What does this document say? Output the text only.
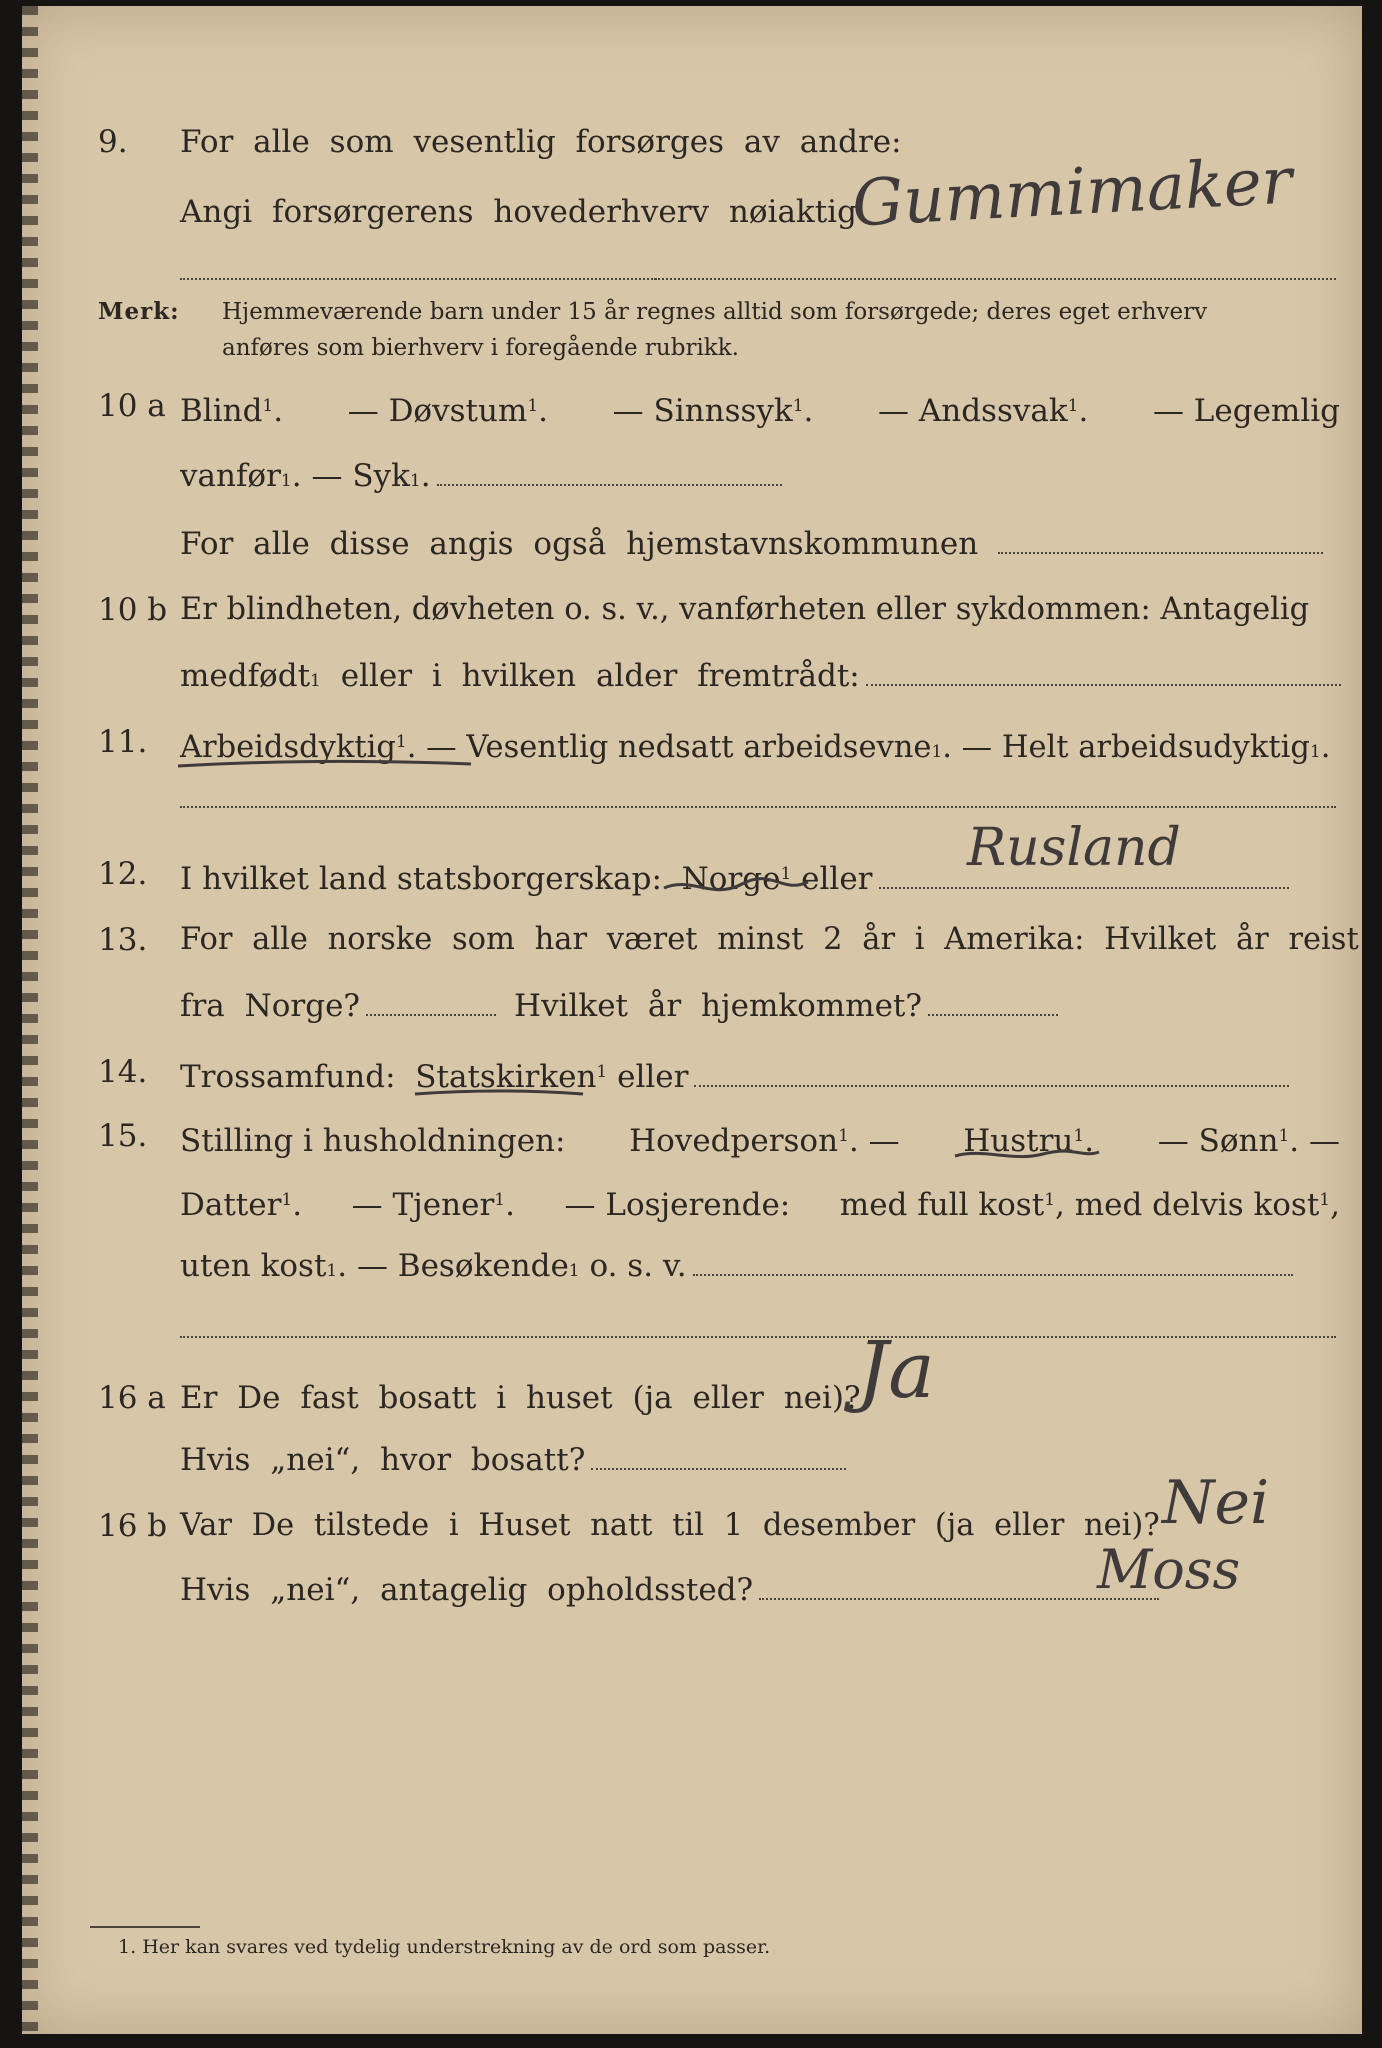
9. For alle som vesentlig forsørges av andre:
Angi forsørgerens hovederhverv nøiaktig
Gummimaker
Merk: Hjemmeværende barn under 15 år regnes alltid som forsørgede; deres eget erhverv
anføres som bierhverv i foregående rubrikk.
10 a Blind$^1$. — Døvstum$^1$. — Sinnssyk$^1$. — Andssvak$^1$. — Legemlig
vanfør 1 . — Syk 1 .
For alle disse angis også hjemstavnskommunen
10 b Er blindheten, døvheten o. s. v., vanførheten eller sykdommen: Antagelig
medfødt 1
eller i hvilken alder fremtrådt:
11. Arbeidsdyktig$^1$.
— Vesentlig nedsatt arbeidsevne 1 . — Helt arbeidsudyktig 1 .
12. I hvilket land statsborgerskap:
Norge$^1$
eller
Rusland
13. For alle norske som har været minst 2 år i Amerika: Hvilket år reist
fra Norge?	Hvilket år hjemkommet?
14. Trossamfund:
Statskirken$^1$
eller
15. Stilling i husholdningen: Hovedperson$^1$. — Hustru$^1$. — Sønn$^1$. —
Datter$^1$. — Tjener$^1$. — Losjerende: med full kost$^1$, med delvis kost$^1$,
uten kost 1 . — Besøkende 1
o. s. v.
16 a Er De fast bosatt i huset (ja eller nei)?
Ja
Hvis „nei“, hvor bosatt?
16 b Var De tilstede i Huset natt til 1 desember (ja eller nei)? Nei
Hvis „nei“, antagelig opholdssted?	Moss
1. Her kan svares ved tydelig understrekning av de ord som passer.
